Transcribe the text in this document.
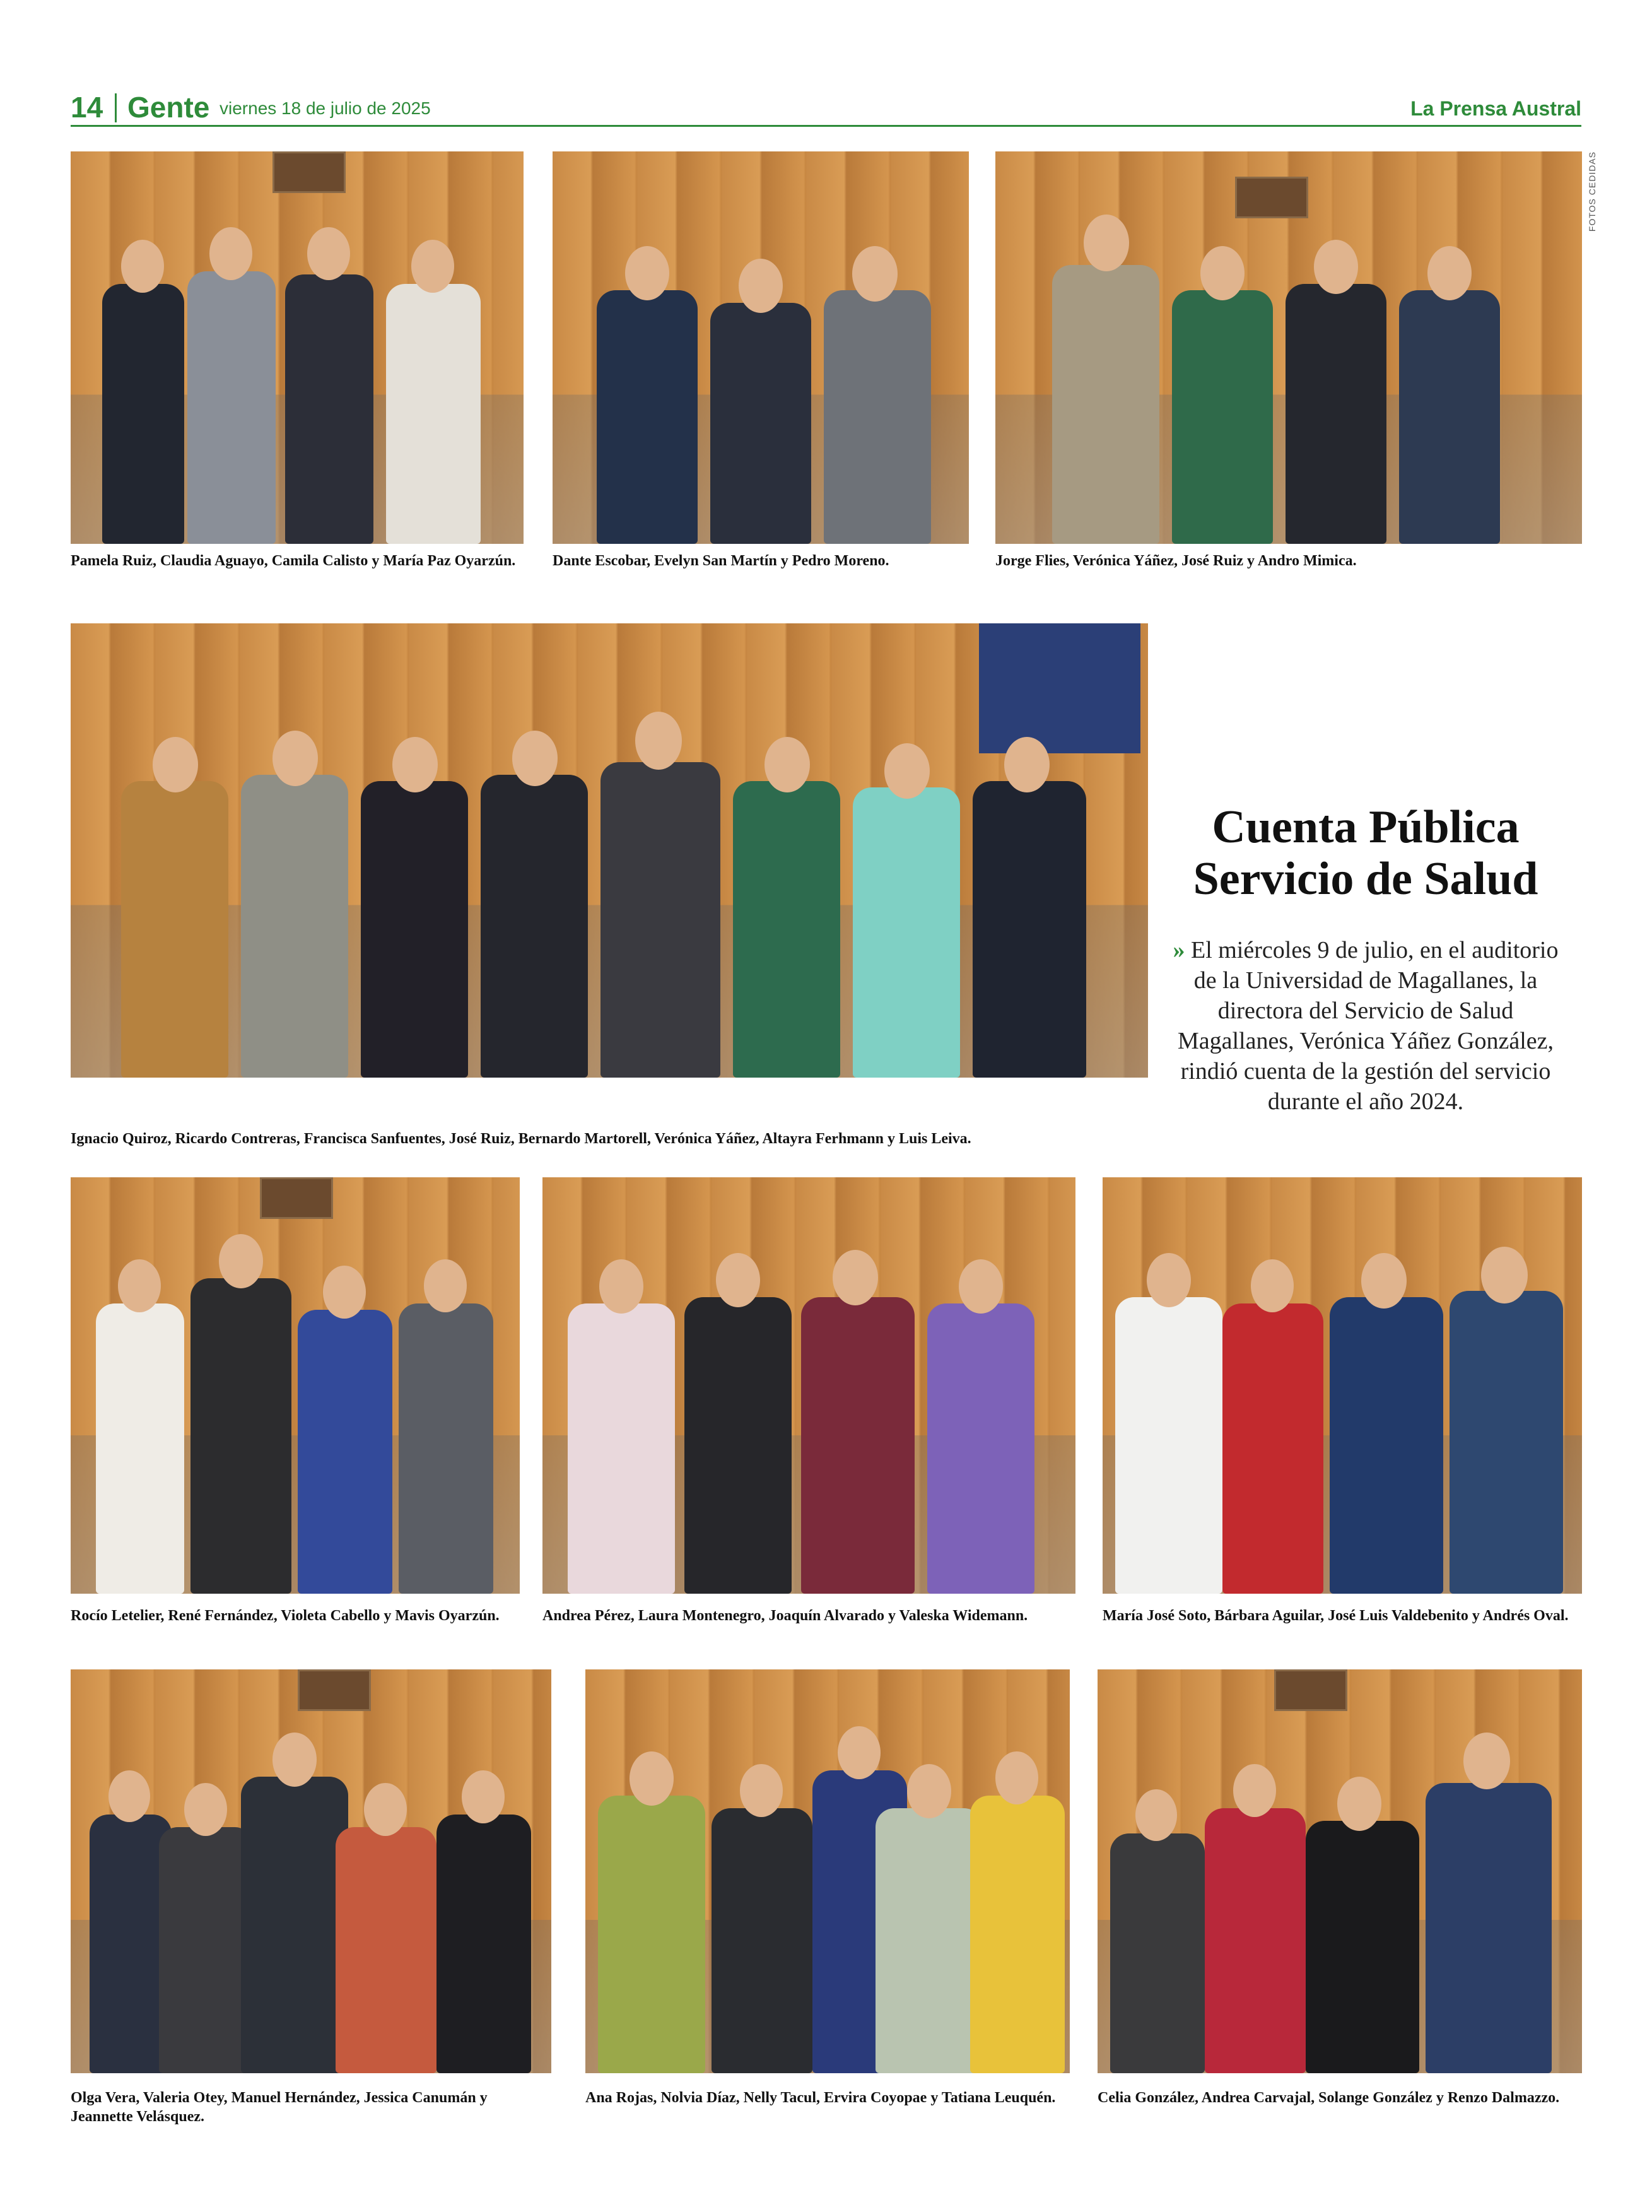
14 Gente viernes 18 de julio de 2025	La Prensa Austral
FOTOS CEDIDAS
Pamela Ruiz, Claudia Aguayo, Camila Calisto y María Paz Oyarzún.	Dante Escobar, Evelyn San Martín y Pedro Moreno.	Jorge Flies, Verónica Yáñez, José Ruiz y Andro Mimica.
Ignacio Quiroz, Ricardo Contreras, Francisca Sanfuentes, José Ruiz, Bernardo Martorell, Verónica Yáñez, Altayra Ferhmann y Luis Leiva.
Cuenta Pública
Servicio de Salud
» El miércoles 9 de julio, en el auditorio de la Universidad de Magallanes, la directora del Servicio de Salud Magallanes, Verónica Yáñez González, rindió cuenta de la gestión del servicio durante el año 2024.
Rocío Letelier, René Fernández, Violeta Cabello y Mavis Oyarzún.	Andrea Pérez, Laura Montenegro, Joaquín Alvarado y Valeska Widemann.	María José Soto, Bárbara Aguilar, José Luis Valdebenito y Andrés Oval.
Olga Vera, Valeria Otey, Manuel Hernández, Jessica Canumán y Jeannette Velásquez.
Ana Rojas, Nolvia Díaz, Nelly Tacul, Ervira Coyopae y Tatiana Leuquén.	Celia González, Andrea Carvajal, Solange González y Renzo Dalmazzo.
